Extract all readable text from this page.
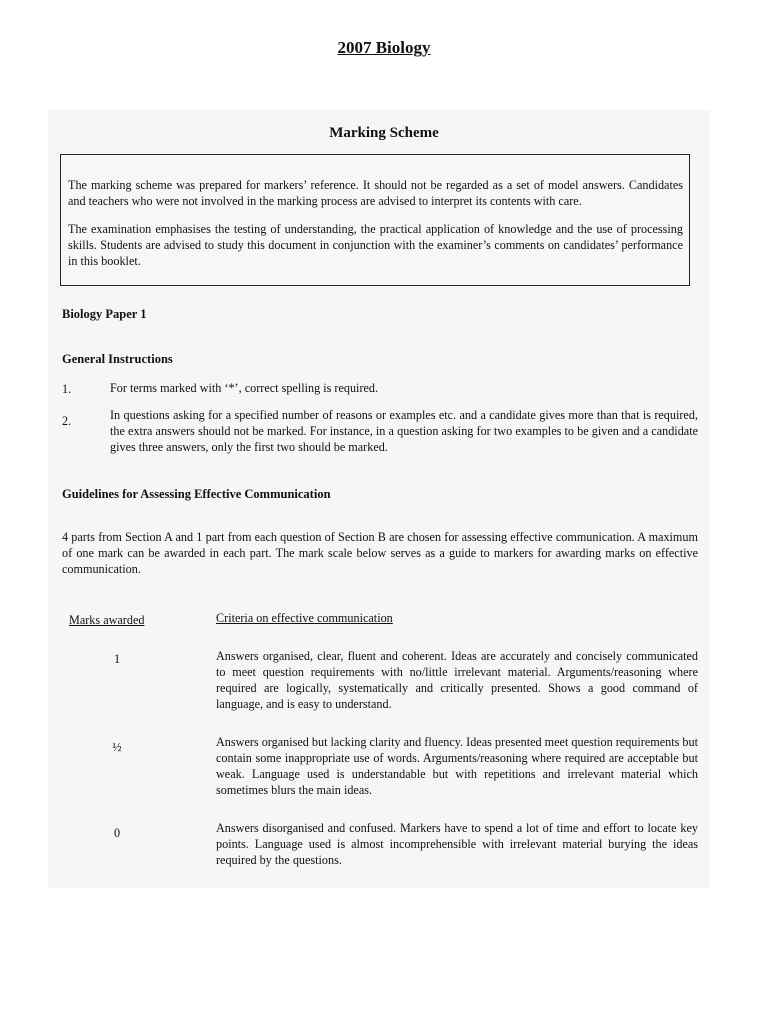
2007 Biology
Marking Scheme

The marking scheme was prepared for markers’ reference. It should not be regarded as a set of model answers. Candidates and teachers who were not involved in the marking process are advised to interpret its contents with care.

The examination emphasises the testing of understanding, the practical application of knowledge and the use of processing skills. Students are advised to study this document in conjunction with the examiner’s comments on candidates’ performance in this booklet.

Biology Paper 1
General Instructions
1.	For terms marked with ‘*’, correct spelling is required.
2.	In questions asking for a specified number of reasons or examples etc. and a candidate gives more than that is required, the extra answers should not be marked. For instance, in a question asking for two examples to be given and a candidate gives three answers, only the first two should be marked.
Guidelines for Assessing Effective Communication
4 parts from Section A and 1 part from each question of Section B are chosen for assessing effective communication. A maximum of one mark can be awarded in each part. The mark scale below serves as a guide to markers for awarding marks on effective communication.
Marks awarded	Criteria on effective communication
1	Answers organised, clear, fluent and coherent. Ideas are accurately and concisely communicated to meet question requirements with no/little irrelevant material. Arguments/reasoning where required are logically, systematically and critically presented. Shows a good command of language, and is easy to understand.
½	Answers organised but lacking clarity and fluency. Ideas presented meet question requirements but contain some inappropriate use of words. Arguments/reasoning where required are acceptable but weak. Language used is understandable but with repetitions and irrelevant material which sometimes blurs the main ideas.
0	Answers disorganised and confused. Markers have to spend a lot of time and effort to locate key points. Language used is almost incomprehensible with irrelevant material burying the ideas required by the questions.
